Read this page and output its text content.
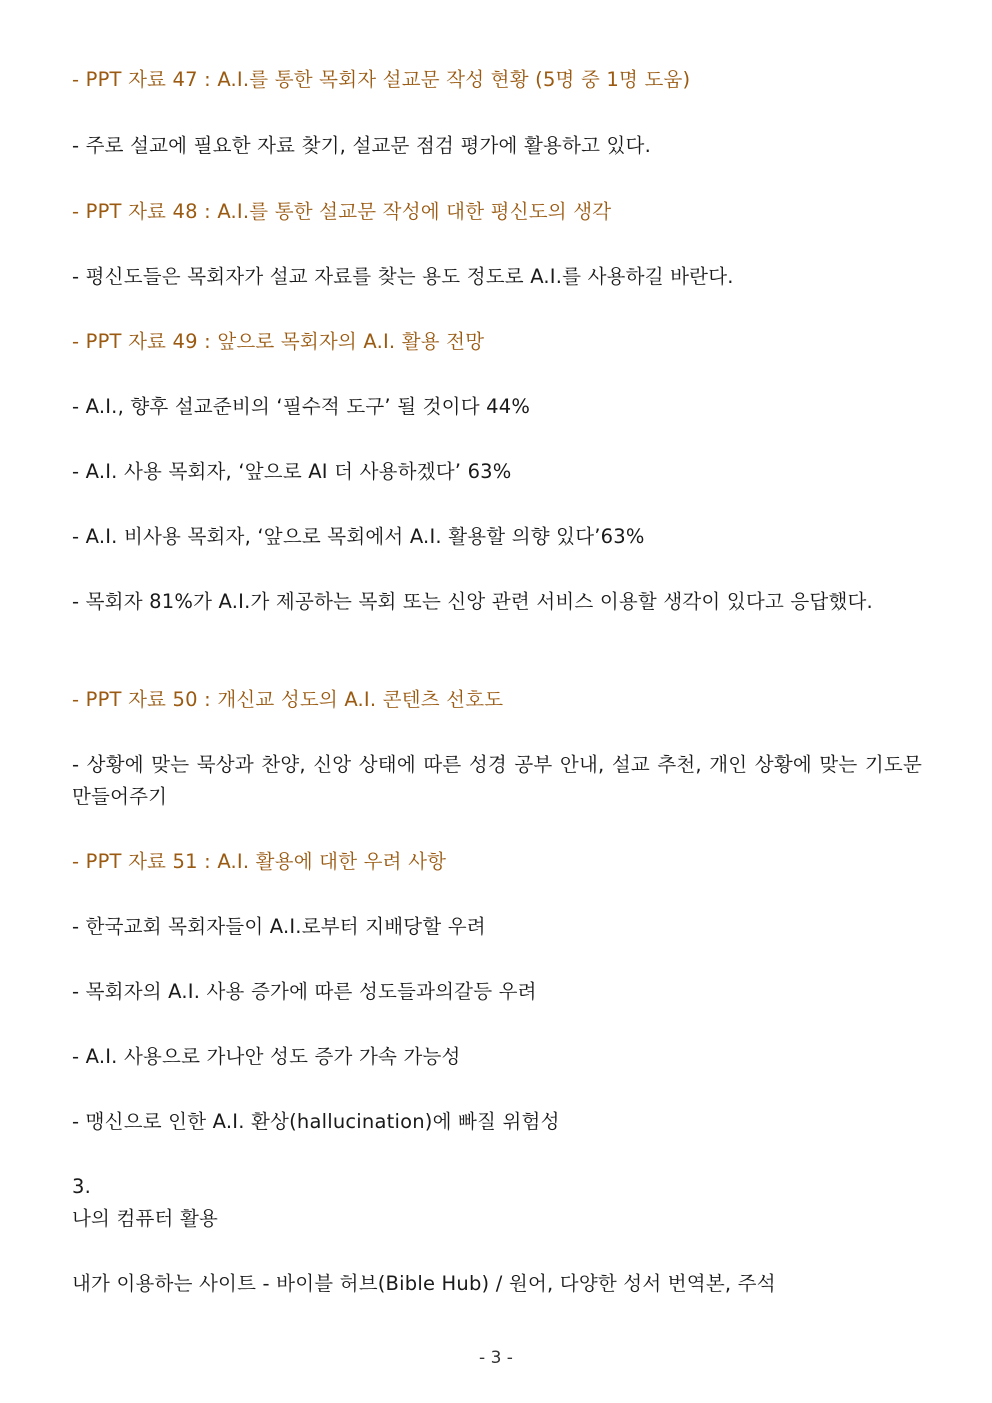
- PPT 자료 47 : A.I.를 통한 목회자 설교문 작성 현황 (5명 중 1명 도움)
- 주로 설교에 필요한 자료 찾기, 설교문 점검 평가에 활용하고 있다.
- PPT 자료 48 : A.I.를 통한 설교문 작성에 대한 평신도의 생각
- 평신도들은 목회자가 설교 자료를 찾는 용도 정도로 A.I.를 사용하길 바란다.
- PPT 자료 49 : 앞으로 목회자의 A.I. 활용 전망
- A.I., 향후 설교준비의 ‘필수적 도구’ 될 것이다 44%
- A.I. 사용 목회자, ‘앞으로 AI 더 사용하겠다’ 63%
- A.I. 비사용 목회자, ‘앞으로 목회에서 A.I. 활용할 의향 있다’63%
- 목회자 81%가 A.I.가 제공하는 목회 또는 신앙 관련 서비스 이용할 생각이 있다고 응답했다.
- PPT 자료 50 : 개신교 성도의 A.I. 콘텐츠 선호도
- 상황에 맞는 묵상과 찬양, 신앙 상태에 따른 성경 공부 안내, 설교 추천, 개인 상황에 맞는 기도문 만들어주기
- PPT 자료 51 : A.I. 활용에 대한 우려 사항
- 한국교회 목회자들이 A.I.로부터 지배당할 우려
- 목회자의 A.I. 사용 증가에 따른 성도들과의갈등 우려
- A.I. 사용으로 가나안 성도 증가 가속 가능성
- 맹신으로 인한 A.I. 환상(hallucination)에 빠질 위험성
3.
나의 컴퓨터 활용
내가 이용하는 사이트 - 바이블 허브(Bible Hub) / 원어, 다양한 성서 번역본, 주석
- 3 -
